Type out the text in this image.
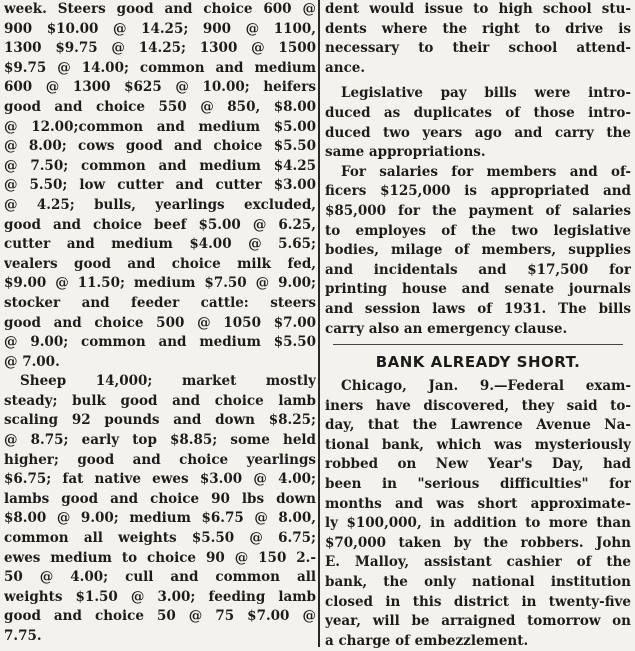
week. Steers good and choice 600 @
900 $10.00 @ 14.25; 900 @ 1100,
1300 $9.75 @ 14.25; 1300 @ 1500
$9.75 @ 14.00; common and medium
600 @ 1300 $625 @ 10.00; heifers
good and choice 550 @ 850, $8.00
@ 12.00;common and medium $5.00
@ 8.00; cows good and choice $5.50
@ 7.50; common and medium $4.25
@ 5.50; low cutter and cutter $3.00
@ 4.25; bulls, yearlings excluded,
good and choice beef $5.00 @ 6.25,
cutter and medium $4.00 @ 5.65;
vealers good and choice milk fed,
$9.00 @ 11.50; medium $7.50 @ 9.00;
stocker and feeder cattle: steers
good and choice 500 @ 1050 $7.00
@ 9.00; common and medium $5.50
@ 7.00.
Sheep 14,000; market mostly
steady; bulk good and choice lamb
scaling 92 pounds and down $8.25;
@ 8.75; early top $8.85; some held
higher; good and choice yearlings
$6.75; fat native ewes $3.00 @ 4.00;
lambs good and choice 90 lbs down
$8.00 @ 9.00; medium $6.75 @ 8.00,
common all weights $5.50 @ 6.75;
ewes medium to choice 90 @ 150 2.-
50 @ 4.00; cull and common all
weights $1.50 @ 3.00; feeding lamb
good and choice 50 @ 75 $7.00 @
7.75.
dent would issue to high school stu-
dents where the right to drive is
necessary to their school attend-
ance.
Legislative pay bills were intro-
duced as duplicates of those intro-
duced two years ago and carry the
same appropriations.
For salaries for members and of-
ficers $125,000 is appropriated and
$85,000 for the payment of salaries
to employes of the two legislative
bodies, milage of members, supplies
and incidentals and $17,500 for
printing house and senate journals
and session laws of 1931. The bills
carry also an emergency clause.
BANK ALREADY SHORT.
Chicago, Jan. 9.—Federal exam-
iners have discovered, they said to-
day, that the Lawrence Avenue Na-
tional bank, which was mysteriously
robbed on New Year's Day, had
been in "serious difficulties" for
months and was short approximate-
ly $100,000, in addition to more than
$70,000 taken by the robbers. John
E. Malloy, assistant cashier of the
bank, the only national institution
closed in this district in twenty-five
year, will be arraigned tomorrow on
a charge of embezzlement.
